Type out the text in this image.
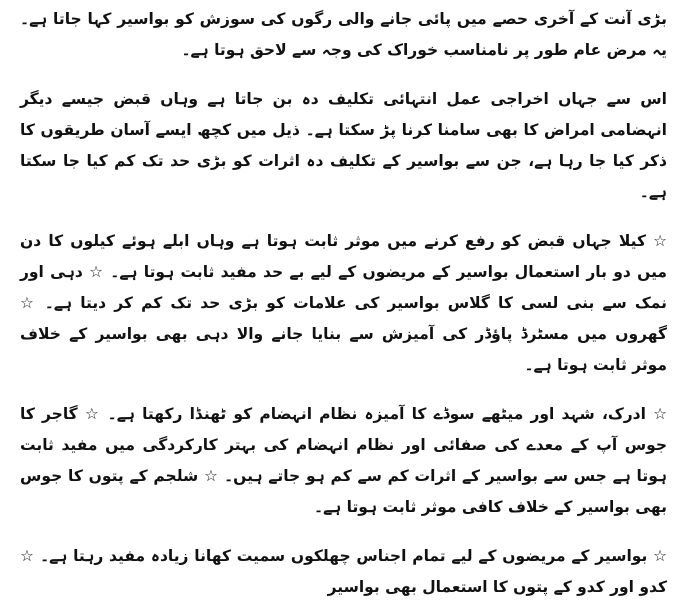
بڑی آنت کے آخری حصے میں پائی جانے والی رگوں کی سوزش کو بواسیر کہا جاتا ہے۔ یہ مرض عام طور پر نامناسب خوراک کی وجہ سے لاحق ہوتا ہے۔

اس سے جہاں اخراجی عمل انتہائی تکلیف دہ بن جاتا ہے وہاں قبض جیسے دیگر انہضامی امراض کا بھی سامنا کرنا پڑ سکتا ہے۔ ذیل میں کچھ ایسے آسان طریقوں کا ذکر کیا جا رہا ہے، جن سے بواسیر کے تکلیف دہ اثرات کو بڑی حد تک کم کیا جا سکتا ہے۔

☆ کیلا جہاں قبض کو رفع کرنے میں موثر ثابت ہوتا ہے وہاں ابلے ہوئے کیلوں کا دن میں دو بار استعمال بواسیر کے مریضوں کے لیے بے حد مفید ثابت ہوتا ہے۔ ☆ دہی اور نمک سے بنی لسی کا گلاس بواسیر کی علامات کو بڑی حد تک کم کر دیتا ہے۔ ☆ گھروں میں مسٹرڈ پاؤڈر کی آمیزش سے بنایا جانے والا دہی بھی بواسیر کے خلاف موثر ثابت ہوتا ہے۔

☆ ادرک، شہد اور میٹھے سوڈے کا آمیزہ نظام انہضام کو ٹھنڈا رکھتا ہے۔ ☆ گاجر کا جوس آپ کے معدے کی صفائی اور نظام انہضام کی بہتر کارکردگی میں مفید ثابت ہوتا ہے جس سے بواسیر کے اثرات کم سے کم ہو جاتے ہیں۔ ☆ شلجم کے پتوں کا جوس بھی بواسیر کے خلاف کافی موثر ثابت ہوتا ہے۔

☆ بواسیر کے مریضوں کے لیے تمام اجناس چھلکوں سمیت کھانا زیادہ مفید رہتا ہے۔ ☆ کدو اور کدو کے پتوں کا استعمال بھی بواسیر
